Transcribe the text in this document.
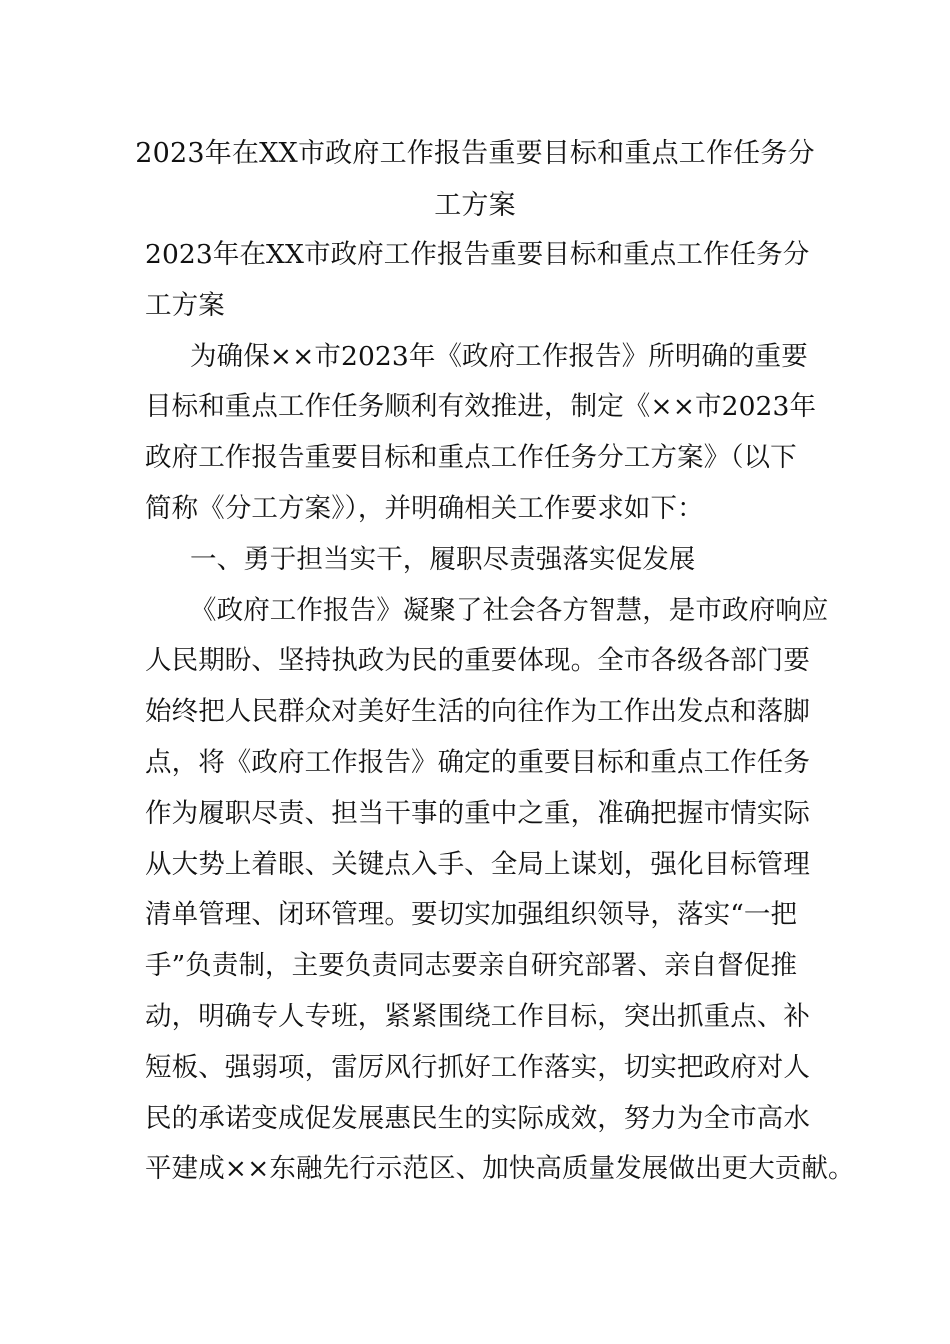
2023年在XX市政府工作报告重要目标和重点工作任务分
工方案
2023年在XX市政府工作报告重要目标和重点工作任务分
工方案
为确保××市2023年《政府工作报告》所明确的重要
目标和重点工作任务顺利有效推进，制定《××市2023年
政府工作报告重要目标和重点工作任务分工方案》（以下
简称《分工方案》），并明确相关工作要求如下：
一、勇于担当实干，履职尽责强落实促发展
《政府工作报告》凝聚了社会各方智慧，是市政府响应
人民期盼、坚持执政为民的重要体现。全市各级各部门要
始终把人民群众对美好生活的向往作为工作出发点和落脚
点，将《政府工作报告》确定的重要目标和重点工作任务
作为履职尽责、担当干事的重中之重，准确把握市情实际
从大势上着眼、关键点入手、全局上谋划，强化目标管理
清单管理、闭环管理。要切实加强组织领导，落实“一把
手”负责制，主要负责同志要亲自研究部署、亲自督促推
动，明确专人专班，紧紧围绕工作目标，突出抓重点、补
短板、强弱项，雷厉风行抓好工作落实，切实把政府对人
民的承诺变成促发展惠民生的实际成效，努力为全市高水
平建成××东融先行示范区、加快高质量发展做出更大贡献。
